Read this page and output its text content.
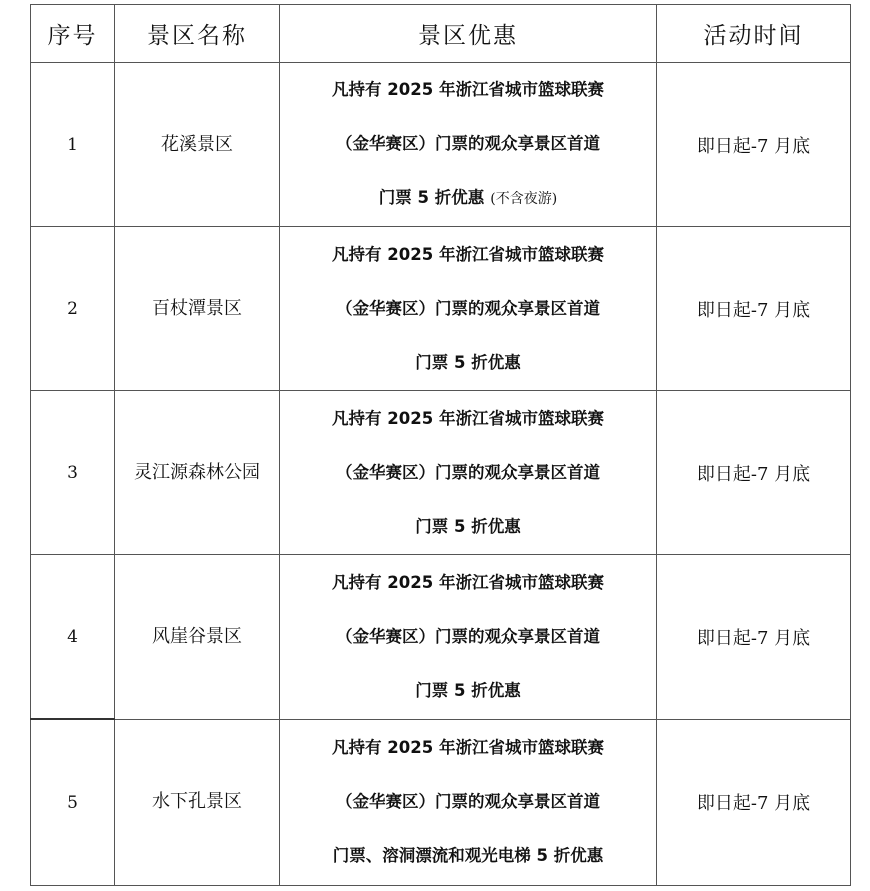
序号	景区名称	景区优惠	活动时间
1	花溪景区	凡持有 2025 年浙江省城市篮球联赛
（金华赛区）门票的观众享景区首道
门票 5 折优惠 (不含夜游)	即日起-7 月底
2	百杖潭景区	凡持有 2025 年浙江省城市篮球联赛
（金华赛区）门票的观众享景区首道
门票 5 折优惠	即日起-7 月底
3	灵江源森林公园	凡持有 2025 年浙江省城市篮球联赛
（金华赛区）门票的观众享景区首道
门票 5 折优惠	即日起-7 月底
4	风崖谷景区	凡持有 2025 年浙江省城市篮球联赛
（金华赛区）门票的观众享景区首道
门票 5 折优惠	即日起-7 月底
5	水下孔景区	凡持有 2025 年浙江省城市篮球联赛
（金华赛区）门票的观众享景区首道
门票、溶洞漂流和观光电梯 5 折优惠	即日起-7 月底
